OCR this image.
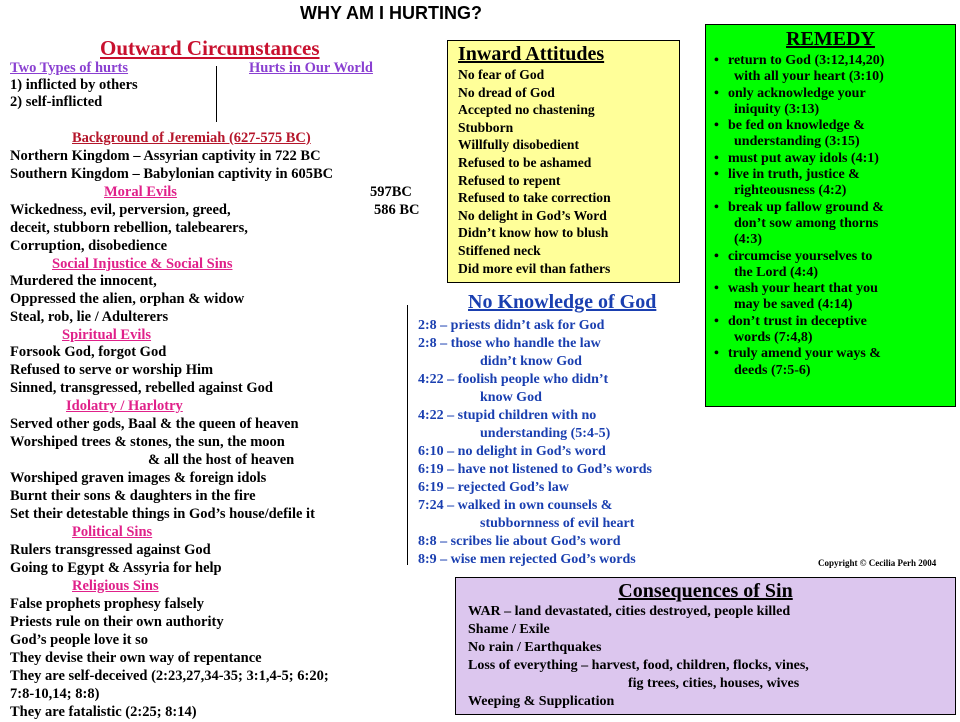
WHY AM I HURTING?
Outward Circumstances
Two Types of hurts	Hurts in Our World
1) inflicted by others
2) self-inflicted
Background of Jeremiah (627-575 BC)
Northern Kingdom – Assyrian captivity in 722 BC
Southern Kingdom – Babylonian captivity in 605BC
Moral Evils	597BC
586 BC
Wickedness, evil, perversion, greed,
deceit, stubborn rebellion, talebearers,
Corruption, disobedience
Social Injustice & Social Sins
Murdered the innocent,
Oppressed the alien, orphan & widow
Steal, rob, lie / Adulterers
Spiritual Evils
Forsook God, forgot God
Refused to serve or worship Him
Sinned, transgressed, rebelled against God
Idolatry / Harlotry
Served other gods, Baal & the queen of heaven
Worshiped trees & stones, the sun, the moon
& all the host of heaven
Worshiped graven images & foreign idols
Burnt their sons & daughters in the fire
Set their detestable things in God’s house/defile it
Political Sins
Rulers transgressed against God
Going to Egypt & Assyria for help
Religious Sins
False prophets prophesy falsely
Priests rule on their own authority
God’s people love it so
They devise their own way of repentance
They are self-deceived (2:23,27,34-35; 3:1,4-5; 6:20;
7:8-10,14; 8:8)
They are fatalistic (2:25; 8:14)
Inward Attitudes
No fear of God
No dread of God
Accepted no chastening
Stubborn
Willfully disobedient
Refused to be ashamed
Refused to repent
Refused to take correction
No delight in God’s Word
Didn’t know how to blush
Stiffened neck
Did more evil than fathers
No Knowledge of God
2:8 – priests didn’t ask for God
2:8 – those who handle the law
didn’t know God
4:22 – foolish people who didn’t
know God
4:22 – stupid children with no
understanding (5:4-5)
6:10 – no delight in God’s word
6:19 – have not listened to God’s words
6:19 – rejected God’s law
7:24 – walked in own counsels &
stubbornness of evil heart
8:8 – scribes lie about God’s word
8:9 – wise men rejected God’s words
REMEDY
• return to God (3:12,14,20)
with all your heart (3:10)
• only acknowledge your
iniquity (3:13)
• be fed on knowledge &
understanding (3:15)
• must put away idols (4:1)
• live in truth, justice &
righteousness (4:2)
• break up fallow ground &
don’t sow among thorns
(4:3)
• circumcise yourselves to
the Lord (4:4)
• wash your heart that you
may be saved (4:14)
• don’t trust in deceptive
words (7:4,8)
• truly amend your ways &
deeds (7:5-6)
Copyright © Cecilia Perh 2004
Consequences of Sin
WAR – land devastated, cities destroyed, people killed
Shame / Exile
No rain / Earthquakes
Loss of everything – harvest, food, children, flocks, vines,
fig trees, cities, houses, wives
Weeping & Supplication
